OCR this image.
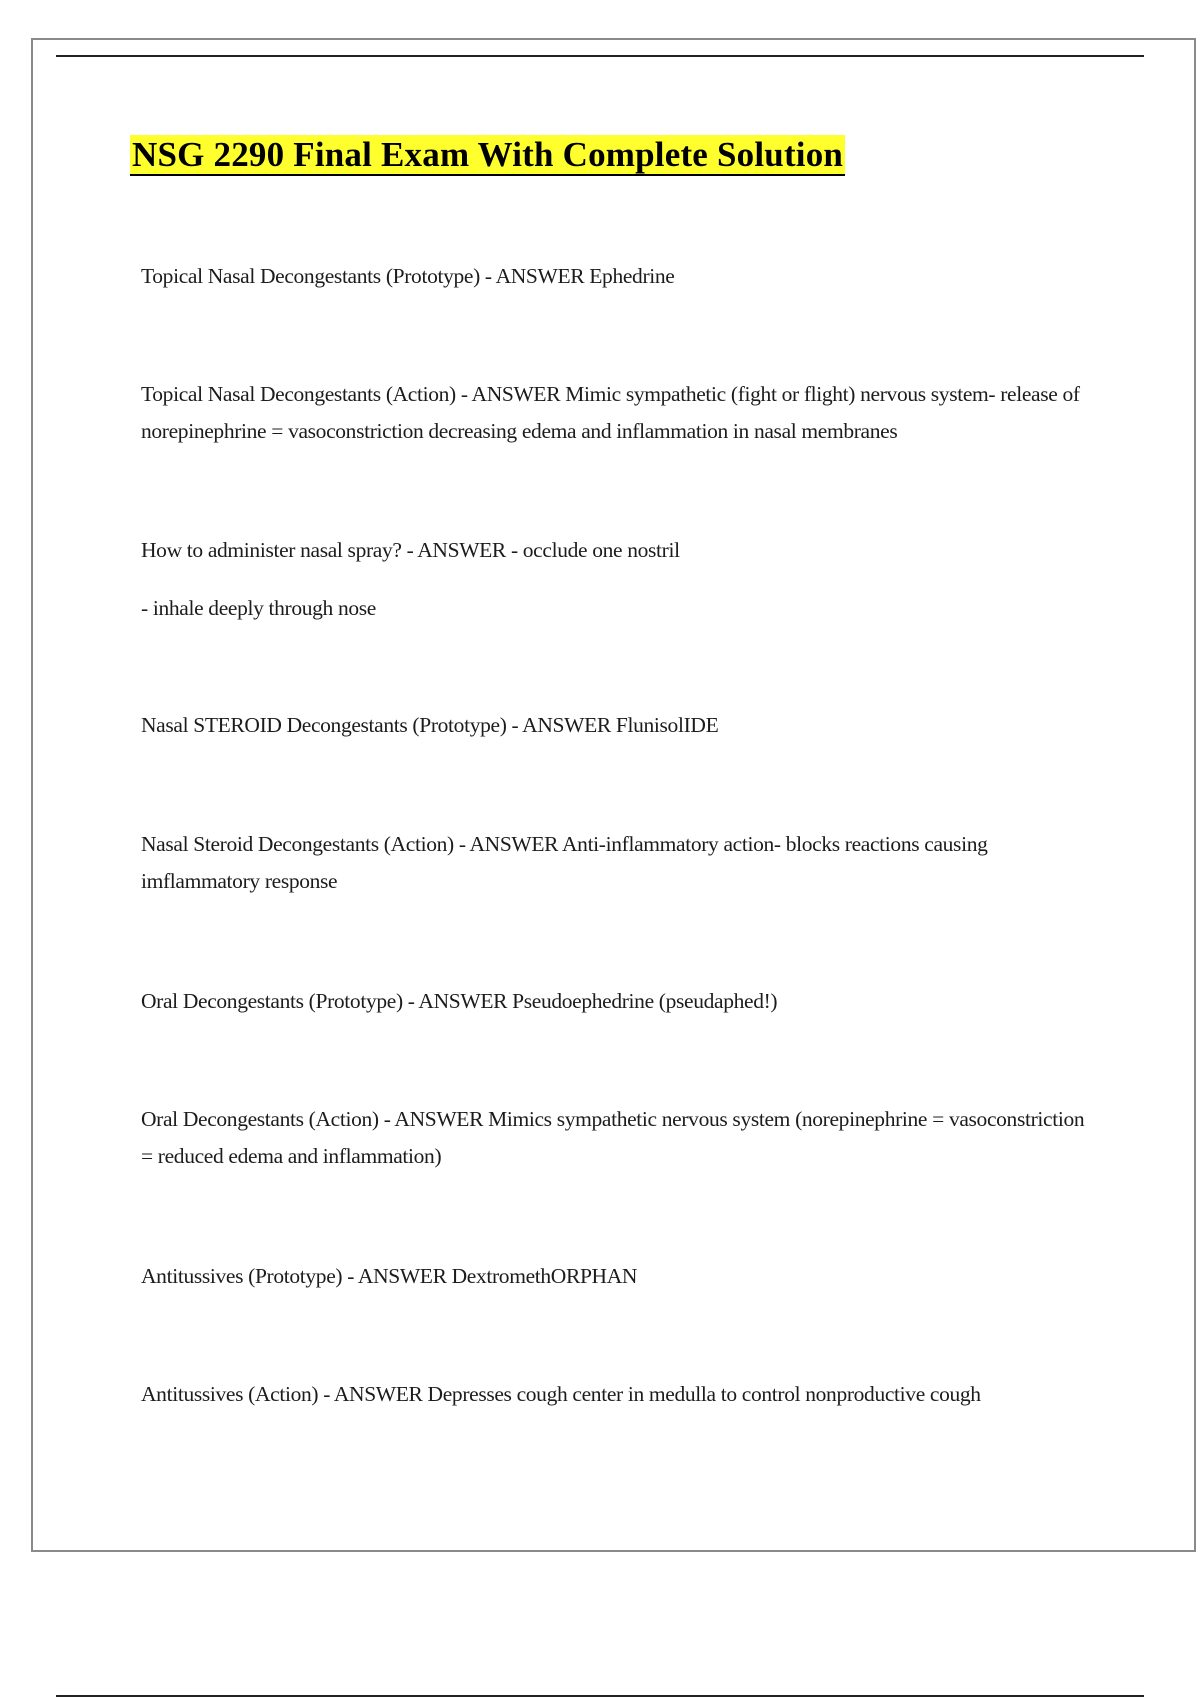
NSG 2290 Final Exam With Complete Solution

Topical Nasal Decongestants (Prototype) - ANSWER Ephedrine

Topical Nasal Decongestants (Action) - ANSWER Mimic sympathetic (fight or flight) nervous system- release of norepinephrine = vasoconstriction decreasing edema and inflammation in nasal membranes

How to administer nasal spray? - ANSWER - occlude one nostril

- inhale deeply through nose

Nasal STEROID Decongestants (Prototype) - ANSWER FlunisolIDE

Nasal Steroid Decongestants (Action) - ANSWER Anti-inflammatory action- blocks reactions causing imflammatory response

Oral Decongestants (Prototype) - ANSWER Pseudoephedrine (pseudaphed!)

Oral Decongestants (Action) - ANSWER Mimics sympathetic nervous system (norepinephrine = vasoconstriction = reduced edema and inflammation)

Antitussives (Prototype) - ANSWER DextromethORPHAN

Antitussives (Action) - ANSWER Depresses cough center in medulla to control nonproductive cough
